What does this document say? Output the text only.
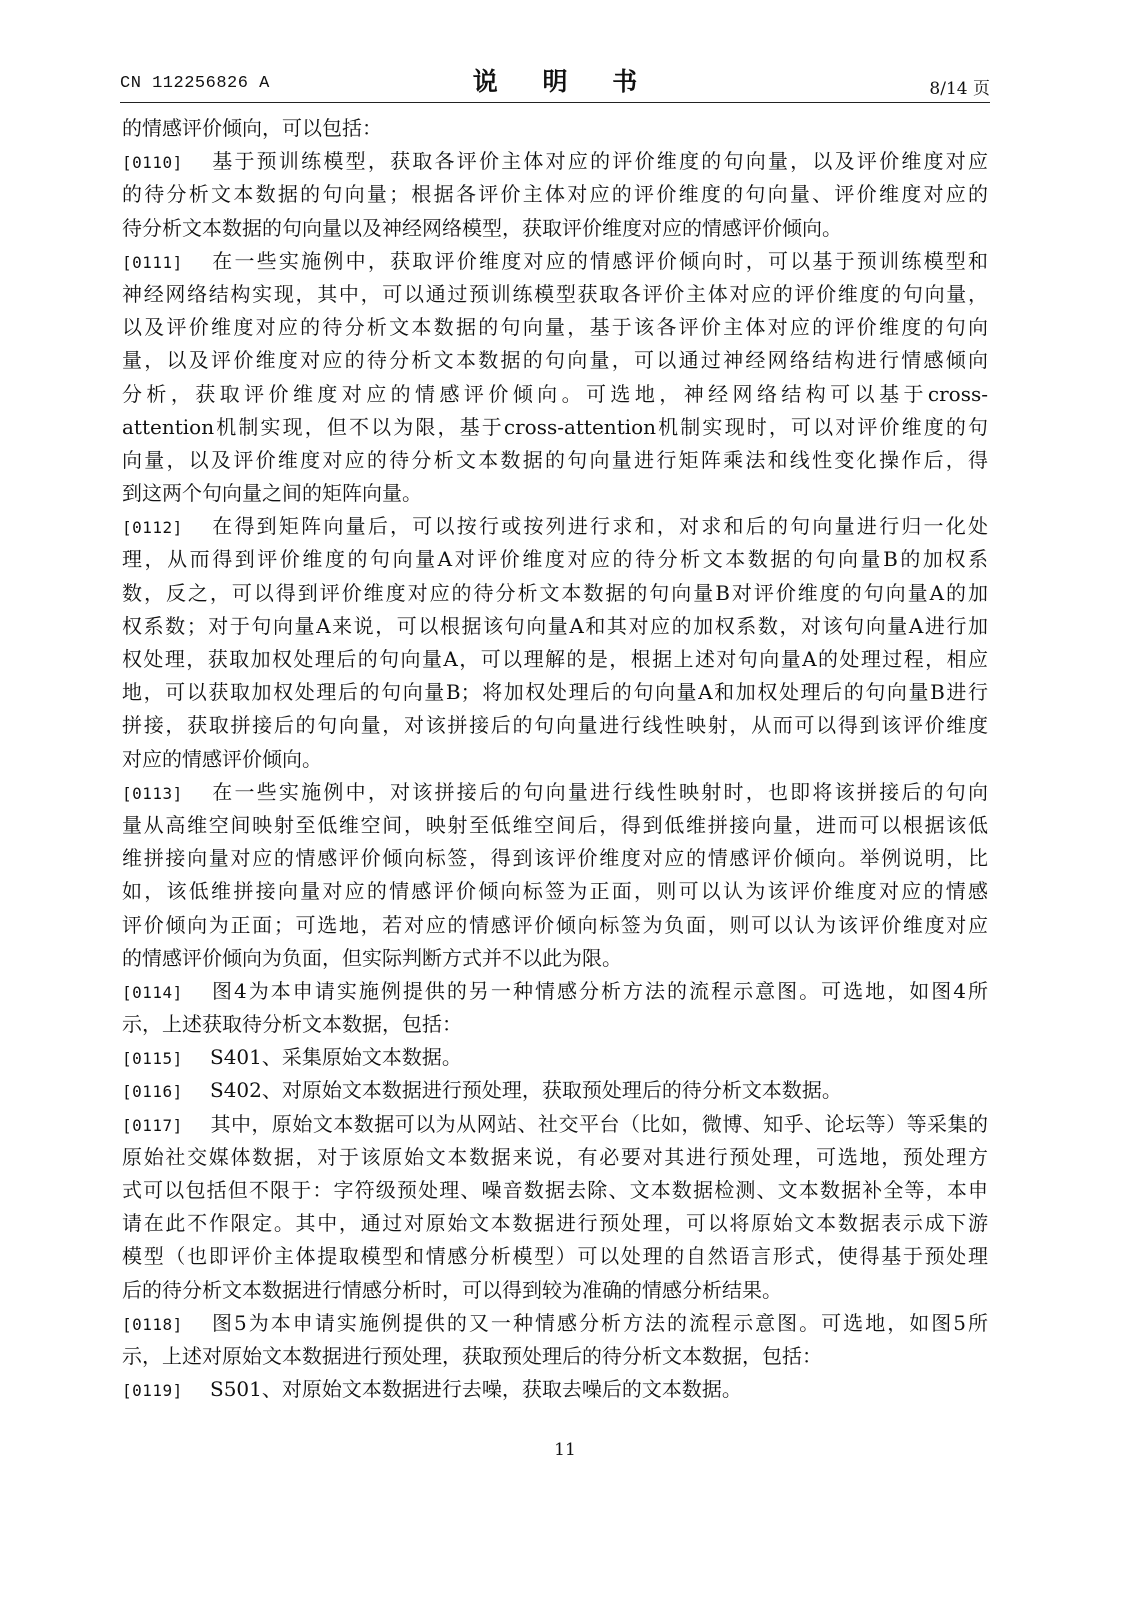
CN 112256826 A	说 明 书	8/14 页
的情感评价倾向，可以包括：
[0110] 基于预训练模型，获取各评价主体对应的评价维度的句向量，以及评价维度对应
的待分析文本数据的句向量；根据各评价主体对应的评价维度的句向量、评价维度对应的
待分析文本数据的句向量以及神经网络模型，获取评价维度对应的情感评价倾向。
[0111] 在一些实施例中，获取评价维度对应的情感评价倾向时，可以基于预训练模型和
神经网络结构实现，其中，可以通过预训练模型获取各评价主体对应的评价维度的句向量，
以及评价维度对应的待分析文本数据的句向量，基于该各评价主体对应的评价维度的句向
量，以及评价维度对应的待分析文本数据的句向量，可以通过神经网络结构进行情感倾向
分析，获取评价维度对应的情感评价倾向。可选地，神经网络结构可以基于cross-
attention机制实现，但不以为限，基于cross-attention机制实现时，可以对评价维度的句
向量，以及评价维度对应的待分析文本数据的句向量进行矩阵乘法和线性变化操作后，得
到这两个句向量之间的矩阵向量。
[0112] 在得到矩阵向量后，可以按行或按列进行求和，对求和后的句向量进行归一化处
理，从而得到评价维度的句向量A对评价维度对应的待分析文本数据的句向量B的加权系
数，反之，可以得到评价维度对应的待分析文本数据的句向量B对评价维度的句向量A的加
权系数；对于句向量A来说，可以根据该句向量A和其对应的加权系数，对该句向量A进行加
权处理，获取加权处理后的句向量A，可以理解的是，根据上述对句向量A的处理过程，相应
地，可以获取加权处理后的句向量B；将加权处理后的句向量A和加权处理后的句向量B进行
拼接，获取拼接后的句向量，对该拼接后的句向量进行线性映射，从而可以得到该评价维度
对应的情感评价倾向。
[0113] 在一些实施例中，对该拼接后的句向量进行线性映射时，也即将该拼接后的句向
量从高维空间映射至低维空间，映射至低维空间后，得到低维拼接向量，进而可以根据该低
维拼接向量对应的情感评价倾向标签，得到该评价维度对应的情感评价倾向。举例说明，比
如，该低维拼接向量对应的情感评价倾向标签为正面，则可以认为该评价维度对应的情感
评价倾向为正面；可选地，若对应的情感评价倾向标签为负面，则可以认为该评价维度对应
的情感评价倾向为负面，但实际判断方式并不以此为限。
[0114] 图4为本申请实施例提供的另一种情感分析方法的流程示意图。可选地，如图4所
示，上述获取待分析文本数据，包括：
[0115] S401、采集原始文本数据。
[0116] S402、对原始文本数据进行预处理，获取预处理后的待分析文本数据。
[0117] 其中，原始文本数据可以为从网站、社交平台（比如，微博、知乎、论坛等）等采集的
原始社交媒体数据，对于该原始文本数据来说，有必要对其进行预处理，可选地，预处理方
式可以包括但不限于：字符级预处理、噪音数据去除、文本数据检测、文本数据补全等，本申
请在此不作限定。其中，通过对原始文本数据进行预处理，可以将原始文本数据表示成下游
模型（也即评价主体提取模型和情感分析模型）可以处理的自然语言形式，使得基于预处理
后的待分析文本数据进行情感分析时，可以得到较为准确的情感分析结果。
[0118] 图5为本申请实施例提供的又一种情感分析方法的流程示意图。可选地，如图5所
示，上述对原始文本数据进行预处理，获取预处理后的待分析文本数据，包括：
[0119] S501、对原始文本数据进行去噪，获取去噪后的文本数据。
11
